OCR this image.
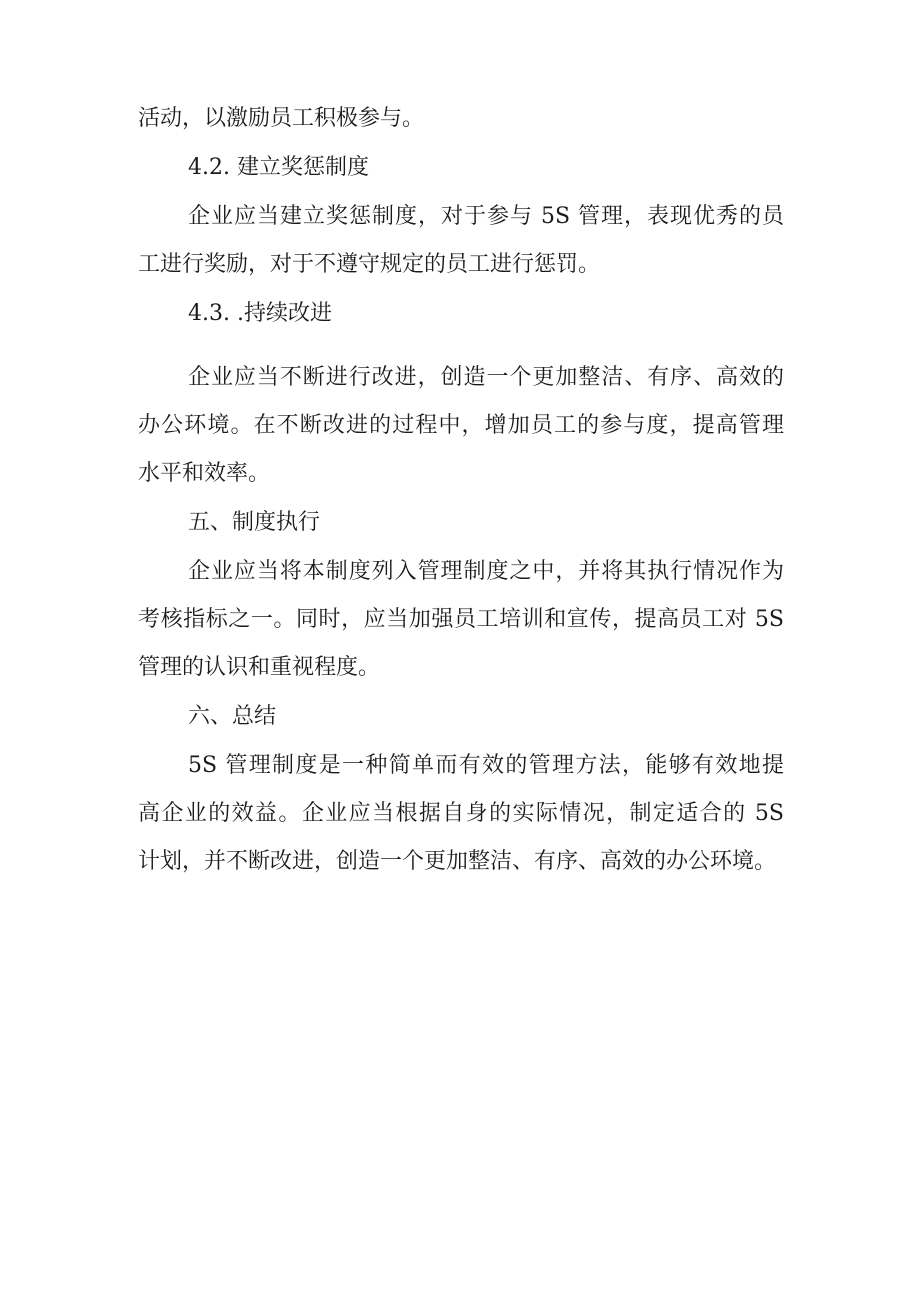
活动，以激励员工积极参与。
4.2. 建立奖惩制度
企业应当建立奖惩制度，对于参与 5S 管理，表现优秀的员
工进行奖励，对于不遵守规定的员工进行惩罚。
4.3. .持续改进
企业应当不断进行改进，创造一个更加整洁、有序、高效的
办公环境。在不断改进的过程中，增加员工的参与度，提高管理
水平和效率。
五、制度执行
企业应当将本制度列入管理制度之中，并将其执行情况作为
考核指标之一。同时，应当加强员工培训和宣传，提高员工对 5S
管理的认识和重视程度。
六、总结
5S 管理制度是一种简单而有效的管理方法，能够有效地提
高企业的效益。企业应当根据自身的实际情况，制定适合的 5S
计划，并不断改进，创造一个更加整洁、有序、高效的办公环境。
